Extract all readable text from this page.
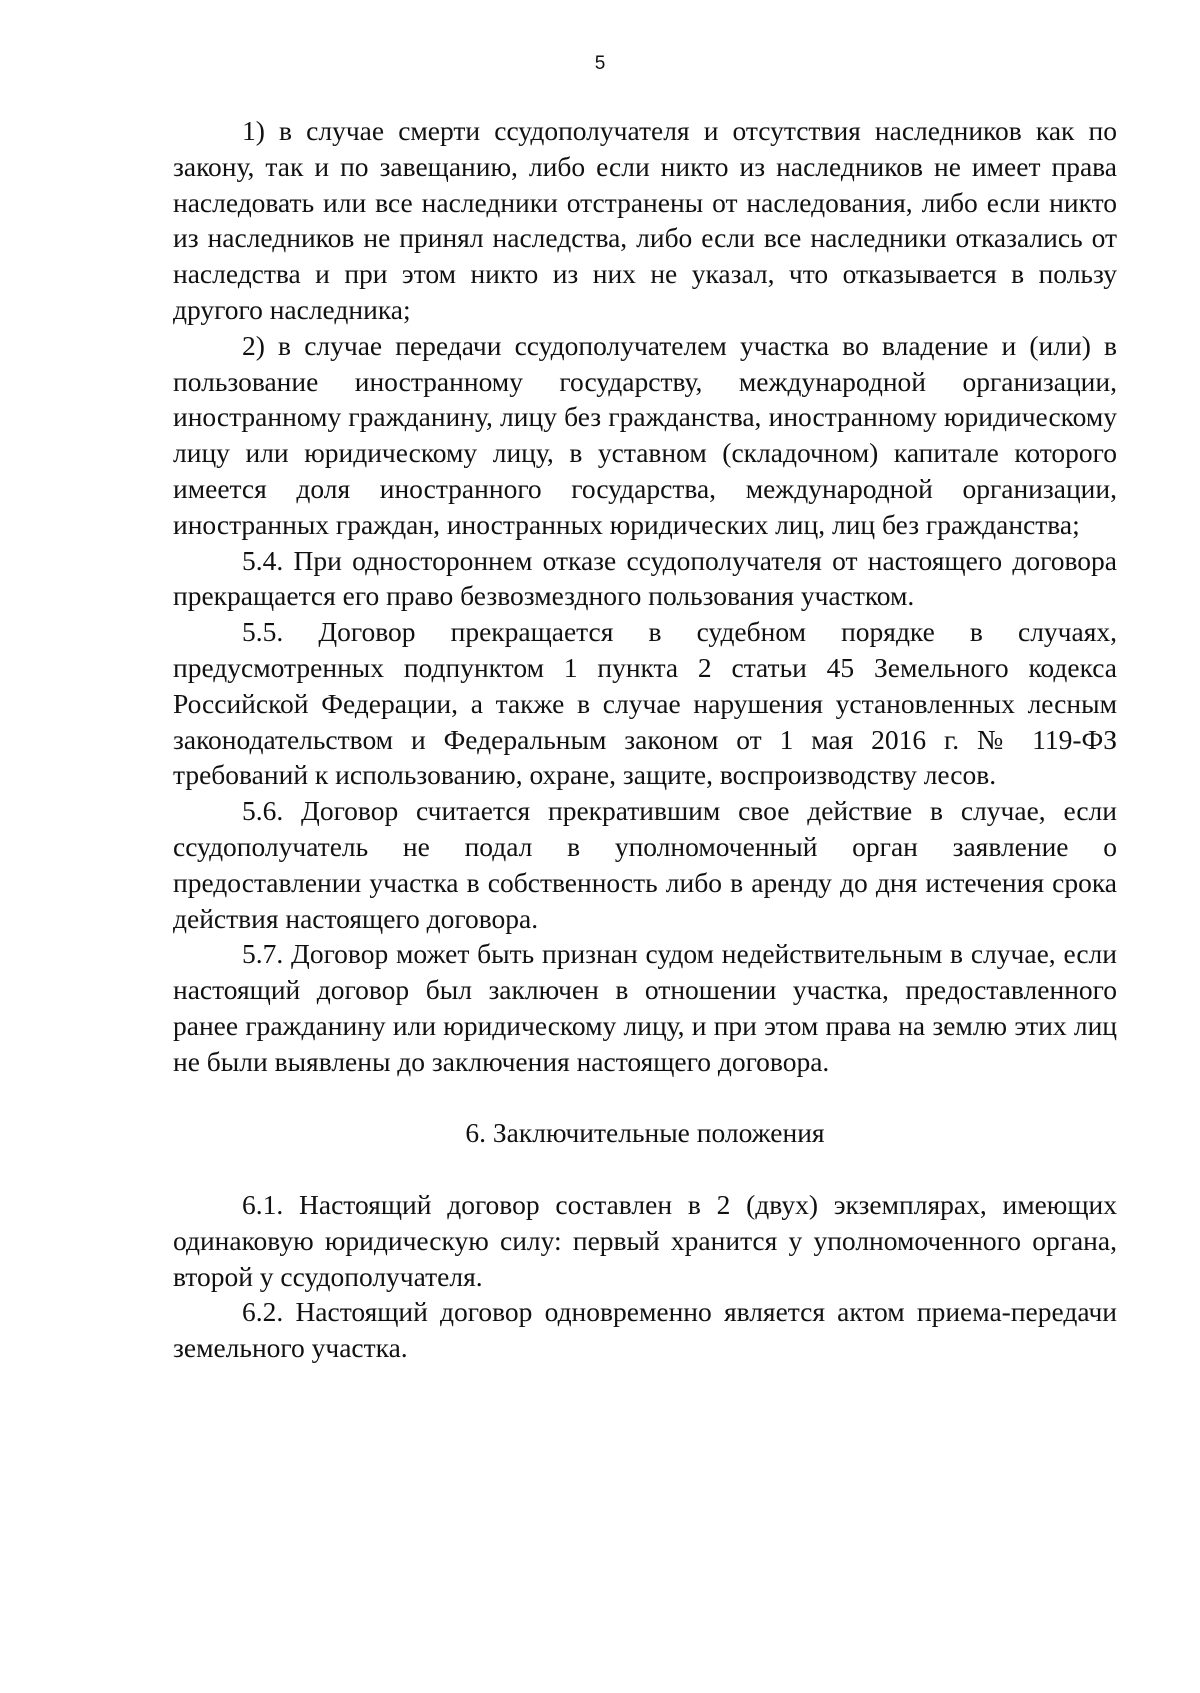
5

1) в случае смерти ссудополучателя и отсутствия наследников как по закону, так и по завещанию, либо если никто из наследников не имеет права наследовать или все наследники отстранены от наследования, либо если никто из наследников не принял наследства, либо если все наследники отказались от наследства и при этом никто из них не указал, что отказывается в пользу другого наследника;

2) в случае передачи ссудополучателем участка во владение и (или) в пользование иностранному государству, международной организации, иностранному гражданину, лицу без гражданства, иностранному юридическому лицу или юридическому лицу, в уставном (складочном) капитале которого имеется доля иностранного государства, международной организации, иностранных граждан, иностранных юридических лиц, лиц без гражданства;

5.4. При одностороннем отказе ссудополучателя от настоящего договора прекращается его право безвозмездного пользования участком.

5.5. Договор прекращается в судебном порядке в случаях, предусмотренных подпунктом 1 пункта 2 статьи 45 Земельного кодекса Российской Федерации, а также в случае нарушения установленных лесным законодательством и Федеральным законом от 1 мая 2016 г. № 119-ФЗ требований к использованию, охране, защите, воспроизводству лесов.

5.6. Договор считается прекратившим свое действие в случае, если ссудополучатель не подал в уполномоченный орган заявление о предоставлении участка в собственность либо в аренду до дня истечения срока действия настоящего договора.

5.7. Договор может быть признан судом недействительным в случае, если настоящий договор был заключен в отношении участка, предоставленного ранее гражданину или юридическому лицу, и при этом права на землю этих лиц не были выявлены до заключения настоящего договора.

6. Заключительные положения

6.1. Настоящий договор составлен в 2 (двух) экземплярах, имеющих одинаковую юридическую силу: первый хранится у уполномоченного органа, второй у ссудополучателя.

6.2. Настоящий договор одновременно является актом приема-передачи земельного участка.
